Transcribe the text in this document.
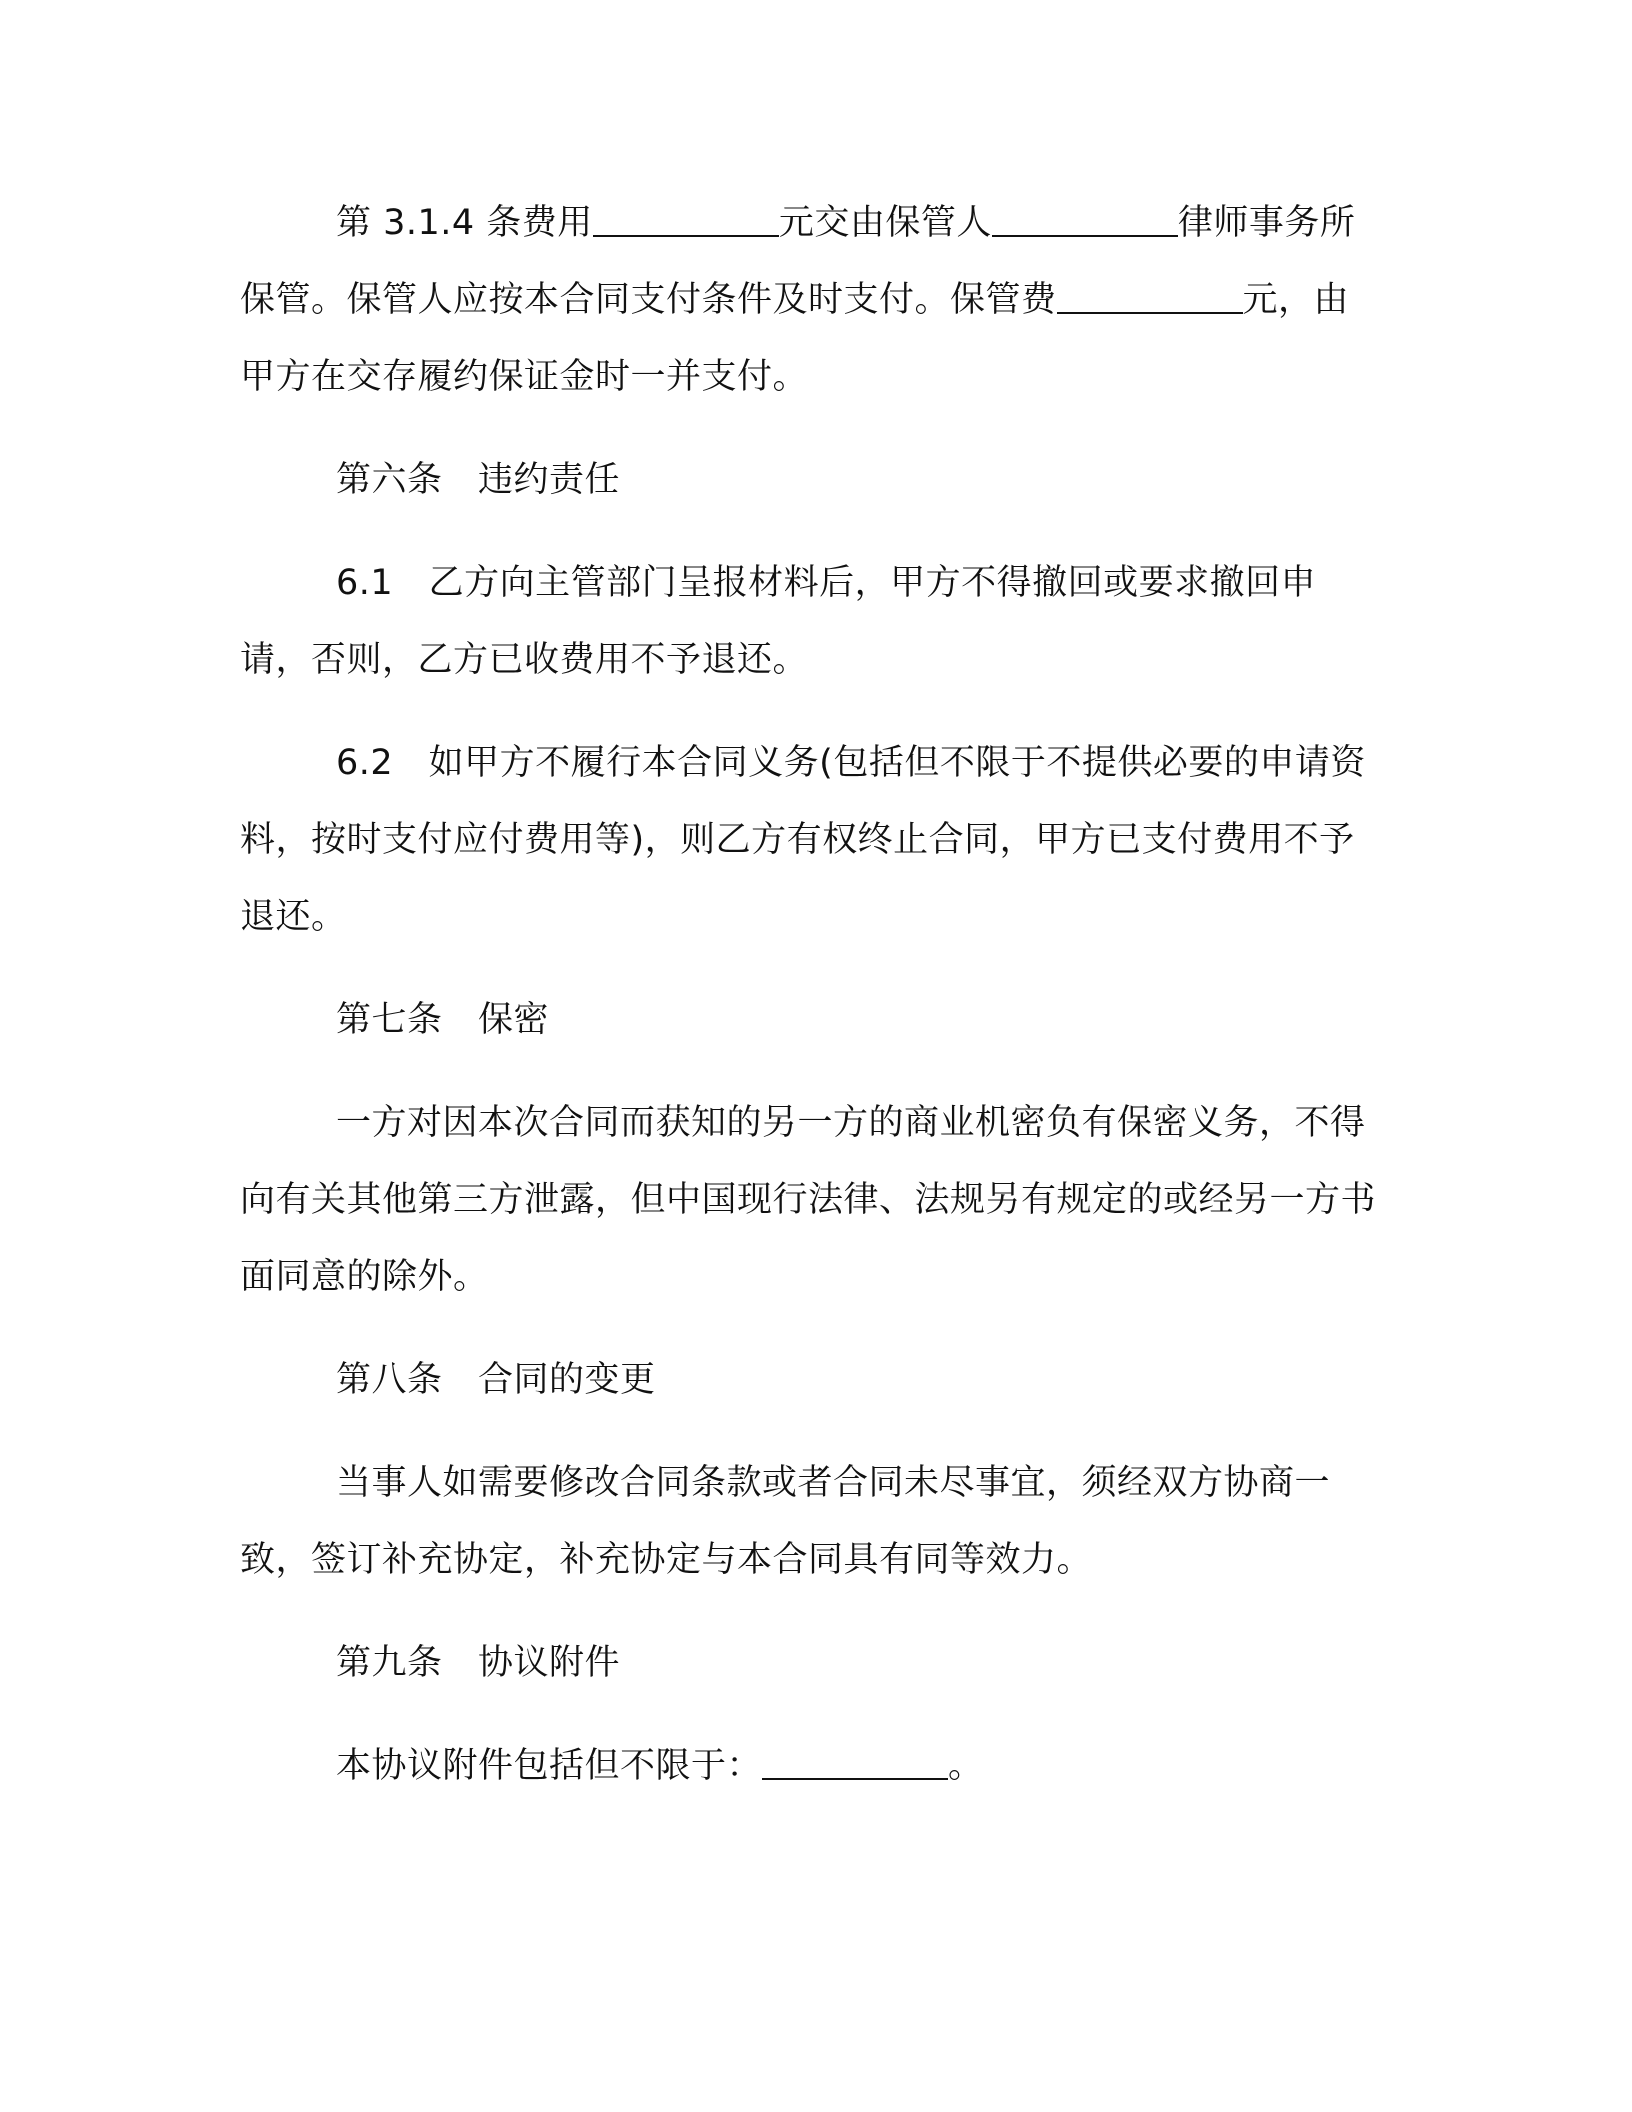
第 3.1.4 条费用	元交由保管人	律师事务所保管。保管人应按本合同支付条件及时支付。保管费	元，由甲方在交存履约保证金时一并支付。

第六条　违约责任

6.1　乙方向主管部门呈报材料后，甲方不得撤回或要求撤回申请，否则，乙方已收费用不予退还。

6.2　如甲方不履行本合同义务(包括但不限于不提供必要的申请资料，按时支付应付费用等)，则乙方有权终止合同，甲方已支付费用不予退还。

第七条　保密

一方对因本次合同而获知的另一方的商业机密负有保密义务，不得向有关其他第三方泄露，但中国现行法律、法规另有规定的或经另一方书面同意的除外。

第八条　合同的变更

当事人如需要修改合同条款或者合同未尽事宜，须经双方协商一致，签订补充协定，补充协定与本合同具有同等效力。

第九条　协议附件

本协议附件包括但不限于：	。
